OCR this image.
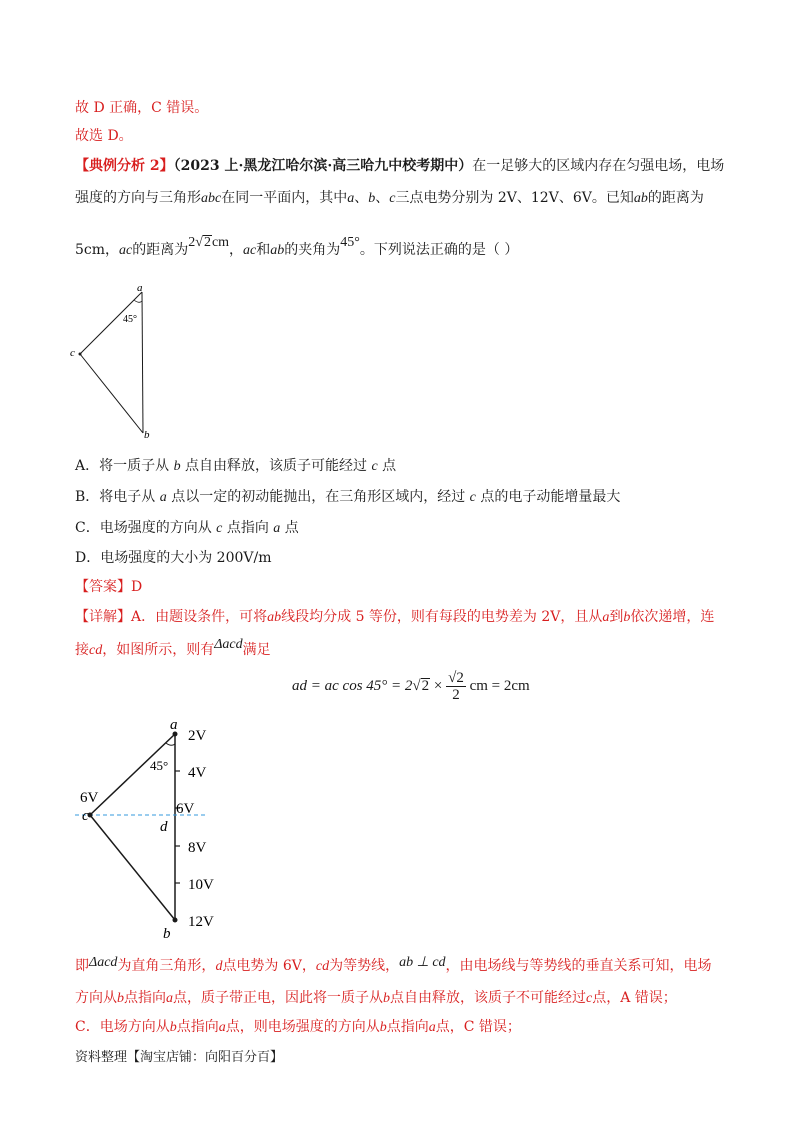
故 D 正确，C 错误。
故选 D。
【典例分析 2】（2023 上·黑龙江哈尔滨·高三哈九中校考期中）在一足够大的区域内存在匀强电场，电场
强度的方向与三角形abc在同一平面内，其中a、b、c三点电势分别为 2V、12V、6V。已知ab的距离为
5cm，ac的距离为2√2cm，ac和ab的夹角为45°。下列说法正确的是（ ）
a
b
c
45°
A．将一质子从 b 点自由释放，该质子可能经过 c 点
B．将电子从 a 点以一定的初动能抛出，在三角形区域内，经过 c 点的电子动能增量最大
C．电场强度的方向从 c 点指向 a 点
D．电场强度的大小为 200V/m
【答案】D
【详解】A．由题设条件，可将ab线段均分成 5 等份，则有每段的电势差为 2V，且从a到b依次递增，连
接cd，如图所示，则有Δacd满足
ad = ac $\cos 45^\circ = 2√2 \times \frac{√2}{2}$ cm = 2cm
a
b
c
d
45°
6V
2V
4V
6V
8V
10V
12V
即Δacd为直角三角形，d点电势为 6V，cd为等势线，ab ⊥ cd，由电场线与等势线的垂直关系可知，电场
方向从b点指向a点，质子带正电，因此将一质子从b点自由释放，该质子不可能经过c点，A 错误；
C．电场方向从b点指向a点，则电场强度的方向从b点指向a点，C 错误；
资料整理【淘宝店铺：向阳百分百】
